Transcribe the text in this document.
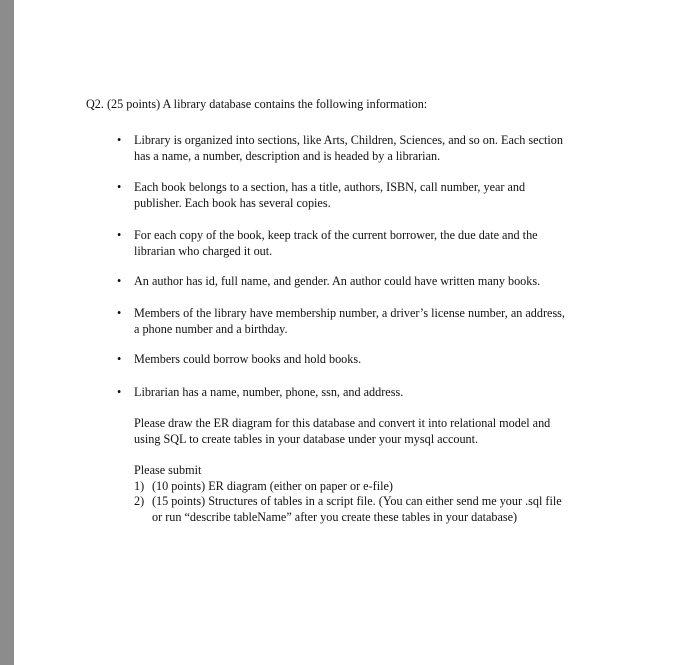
Q2. (25 points) A library database contains the following information:
•	Library is organized into sections, like Arts, Children, Sciences, and so on. Each section
has a name, a number, description and is headed by a librarian.
•	Each book belongs to a section, has a title, authors, ISBN, call number, year and
publisher. Each book has several copies.
•	For each copy of the book, keep track of the current borrower, the due date and the
librarian who charged it out.
•	An author has id, full name, and gender. An author could have written many books.
•	Members of the library have membership number, a driver’s license number, an address,
a phone number and a birthday.
•	Members could borrow books and hold books.
•	Librarian has a name, number, phone, ssn, and address.
Please draw the ER diagram for this database and convert it into relational model and
using SQL to create tables in your database under your mysql account.
Please submit
1) (10 points) ER diagram (either on paper or e-file)
2) (15 points) Structures of tables in a script file. (You can either send me your .sql file
or run “describe tableName” after you create these tables in your database)
